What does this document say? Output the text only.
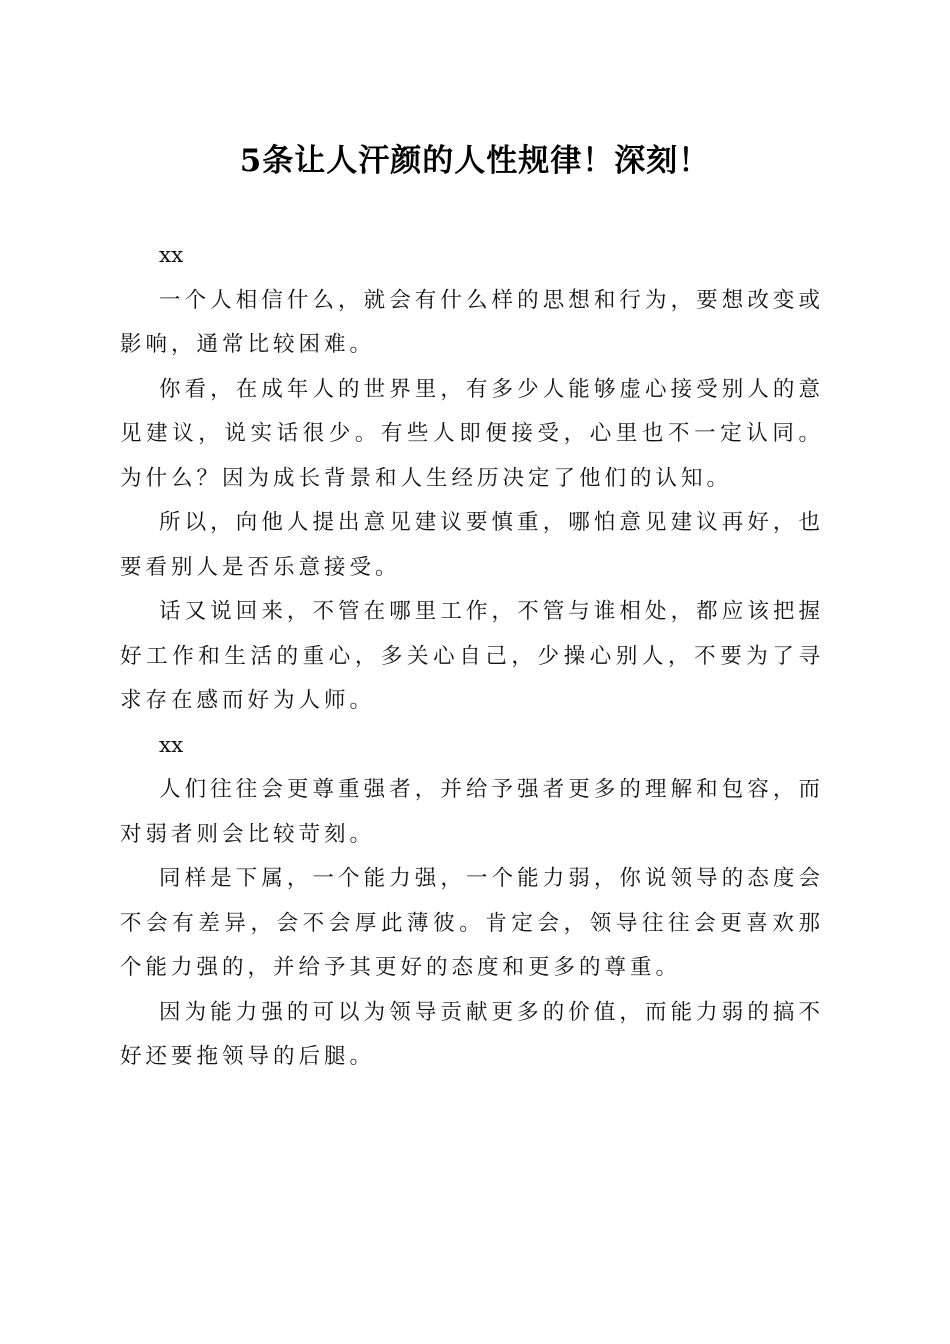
5条让人汗颜的人性规律！深刻！

xx

一个人相信什么，就会有什么样的思想和行为，要想改变或影响，通常比较困难。

你看，在成年人的世界里，有多少人能够虚心接受别人的意见建议，说实话很少。有些人即便接受，心里也不一定认同。为什么？因为成长背景和人生经历决定了他们的认知。

所以，向他人提出意见建议要慎重，哪怕意见建议再好，也要看别人是否乐意接受。

话又说回来，不管在哪里工作，不管与谁相处，都应该把握好工作和生活的重心，多关心自己，少操心别人，不要为了寻求存在感而好为人师。

xx

人们往往会更尊重强者，并给予强者更多的理解和包容，而对弱者则会比较苛刻。

同样是下属，一个能力强，一个能力弱，你说领导的态度会不会有差异，会不会厚此薄彼。肯定会，领导往往会更喜欢那个能力强的，并给予其更好的态度和更多的尊重。

因为能力强的可以为领导贡献更多的价值，而能力弱的搞不好还要拖领导的后腿。
